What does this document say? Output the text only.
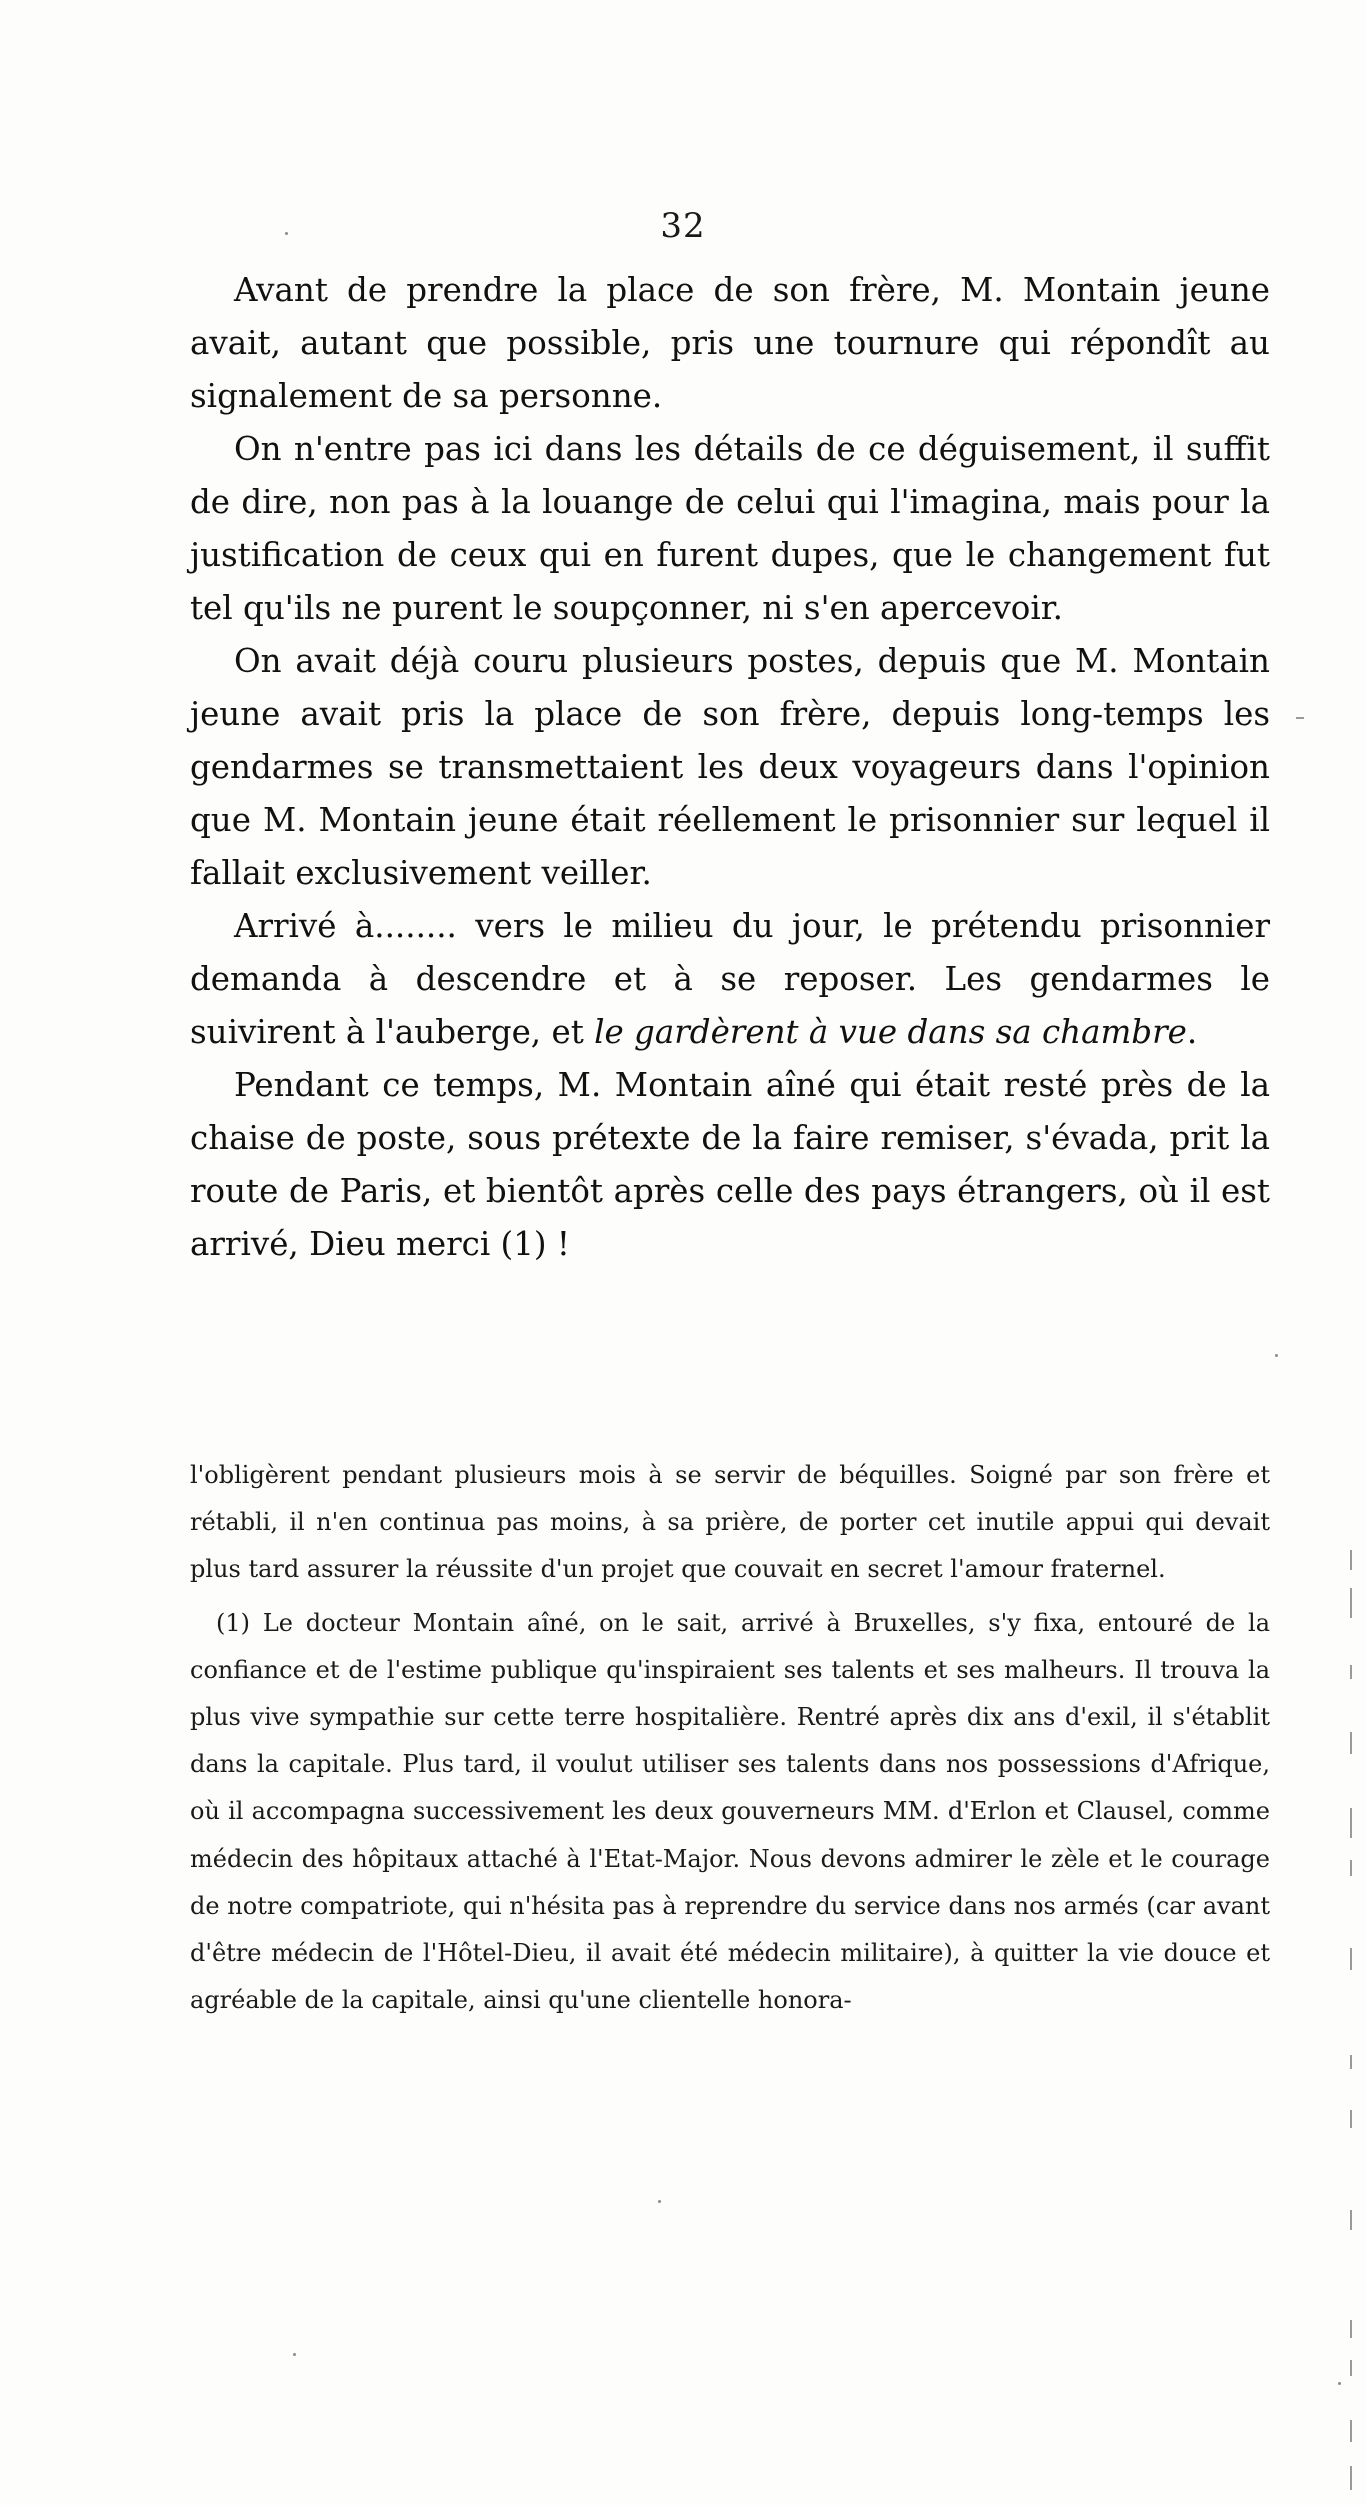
32

Avant de prendre la place de son frère, M. Montain jeune avait, autant que possible, pris une tournure qui répondît au signalement de sa personne.

On n'entre pas ici dans les détails de ce déguisement, il suffit de dire, non pas à la louange de celui qui l'imagina, mais pour la justification de ceux qui en furent dupes, que le changement fut tel qu'ils ne purent le soupçonner, ni s'en apercevoir.

On avait déjà couru plusieurs postes, depuis que M. Montain jeune avait pris la place de son frère, depuis long-temps les gendarmes se transmettaient les deux voyageurs dans l'opinion que M. Montain jeune était réellement le prisonnier sur lequel il fallait exclusivement veiller.

Arrivé à........ vers le milieu du jour, le prétendu prisonnier demanda à descendre et à se reposer. Les gendarmes le suivirent à l'auberge, et le gardèrent à vue dans sa chambre.

Pendant ce temps, M. Montain aîné qui était resté près de la chaise de poste, sous prétexte de la faire remiser, s'évada, prit la route de Paris, et bientôt après celle des pays étrangers, où il est arrivé, Dieu merci (1) !

l'obligèrent pendant plusieurs mois à se servir de béquilles. Soigné par son frère et rétabli, il n'en continua pas moins, à sa prière, de porter cet inutile appui qui devait plus tard assurer la réussite d'un projet que couvait en secret l'amour fraternel.

(1) Le docteur Montain aîné, on le sait, arrivé à Bruxelles, s'y fixa, entouré de la confiance et de l'estime publique qu'inspiraient ses talents et ses malheurs. Il trouva la plus vive sympathie sur cette terre hospitalière. Rentré après dix ans d'exil, il s'établit dans la capitale. Plus tard, il voulut utiliser ses talents dans nos possessions d'Afrique, où il accompagna successivement les deux gouverneurs MM. d'Erlon et Clausel, comme médecin des hôpitaux attaché à l'Etat-Major. Nous devons admirer le zèle et le courage de notre compatriote, qui n'hésita pas à reprendre du service dans nos armés (car avant d'être médecin de l'Hôtel-Dieu, il avait été médecin militaire), à quitter la vie douce et agréable de la capitale, ainsi qu'une clientelle honora-
